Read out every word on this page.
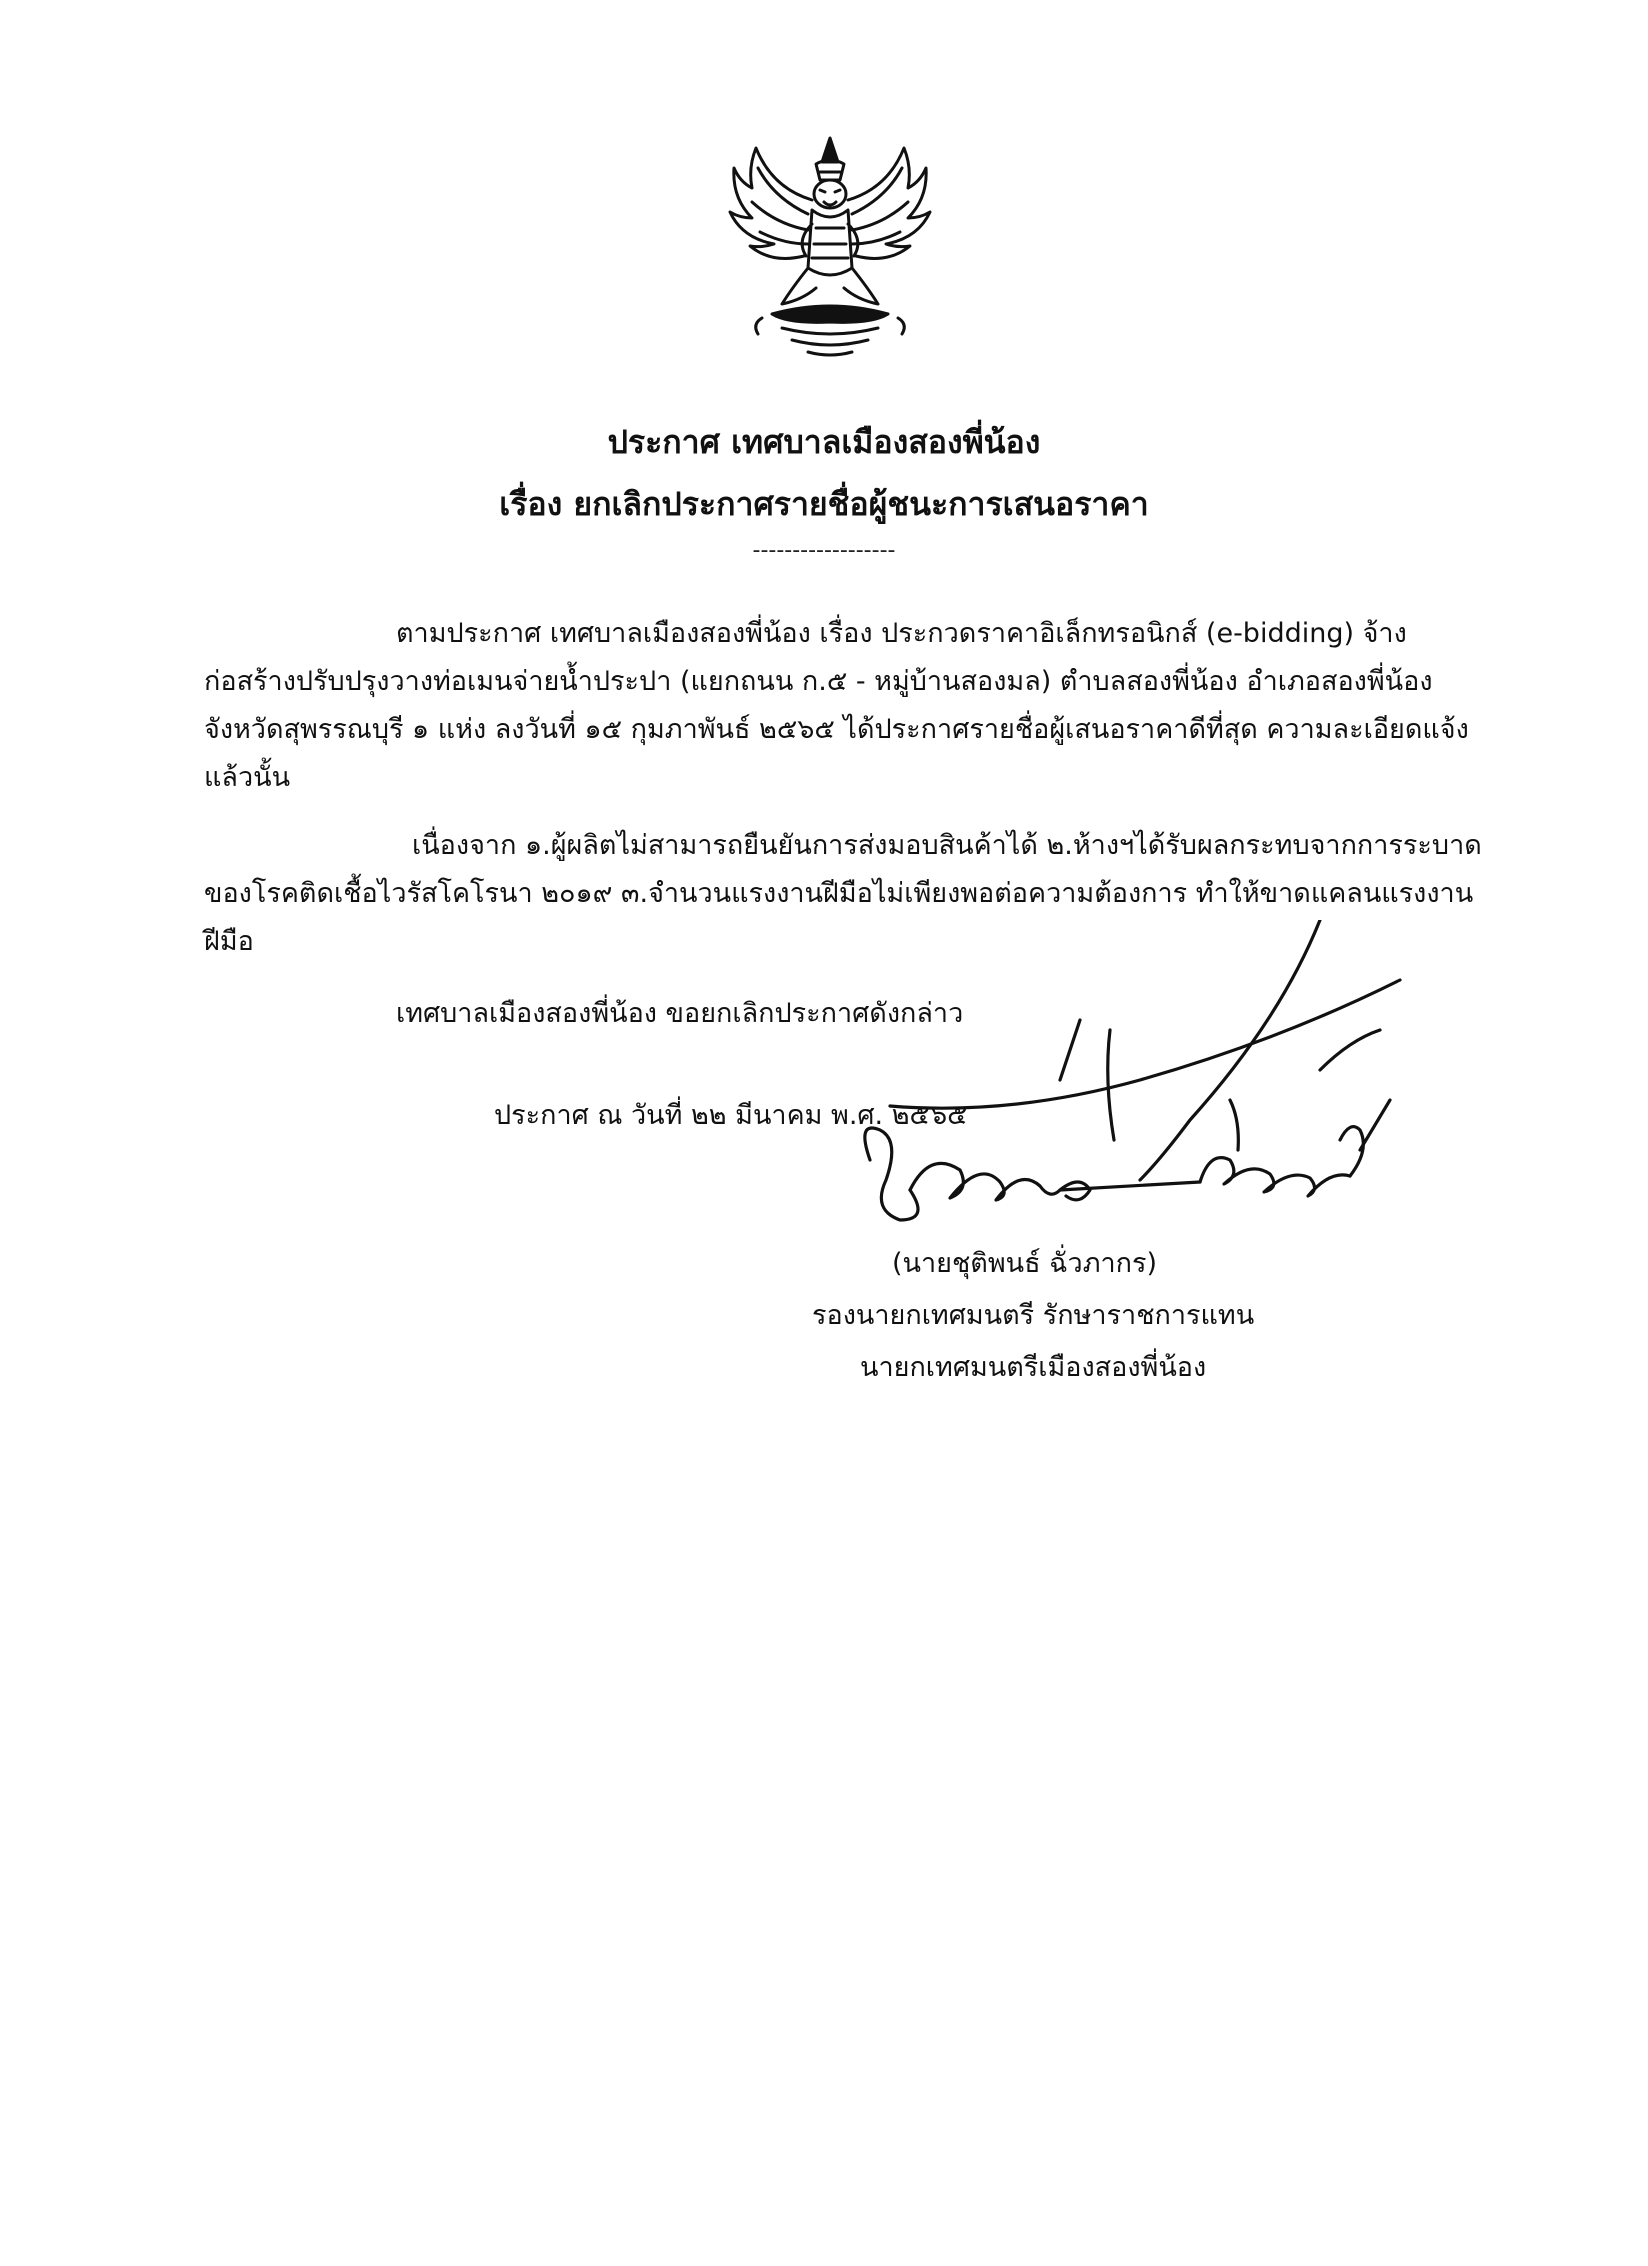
ประกาศ เทศบาลเมืองสองพี่น้อง
เรื่อง ยกเลิกประกาศรายชื่อผู้ชนะการเสนอราคา
------------------
ตามประกาศ เทศบาลเมืองสองพี่น้อง เรื่อง ประกวดราคาอิเล็กทรอนิกส์ (e-bidding) จ้าง
ก่อสร้างปรับปรุงวางท่อเมนจ่ายน้ำประปา (แยกถนน ก.๕ - หมู่บ้านสองมล) ตำบลสองพี่น้อง อำเภอสองพี่น้อง
จังหวัดสุพรรณบุรี ๑ แห่ง ลงวันที่ ๑๕ กุมภาพันธ์ ๒๕๖๕ ได้ประกาศรายชื่อผู้เสนอราคาดีที่สุด ความละเอียดแจ้ง
แล้วนั้น
เนื่องจาก ๑.ผู้ผลิตไม่สามารถยืนยันการส่งมอบสินค้าได้ ๒.ห้างฯได้รับผลกระทบจากการระบาด
ของโรคติดเชื้อไวรัสโคโรนา ๒๐๑๙ ๓.จำนวนแรงงานฝีมือไม่เพียงพอต่อความต้องการ ทำให้ขาดแคลนแรงงาน
ฝีมือ
เทศบาลเมืองสองพี่น้อง ขอยกเลิกประกาศดังกล่าว
ประกาศ ณ วันที่ ๒๒ มีนาคม พ.ศ. ๒๕๖๕
(นายชุติพนธ์ ฉั่วภากร)
รองนายกเทศมนตรี รักษาราชการแทน
นายกเทศมนตรีเมืองสองพี่น้อง
